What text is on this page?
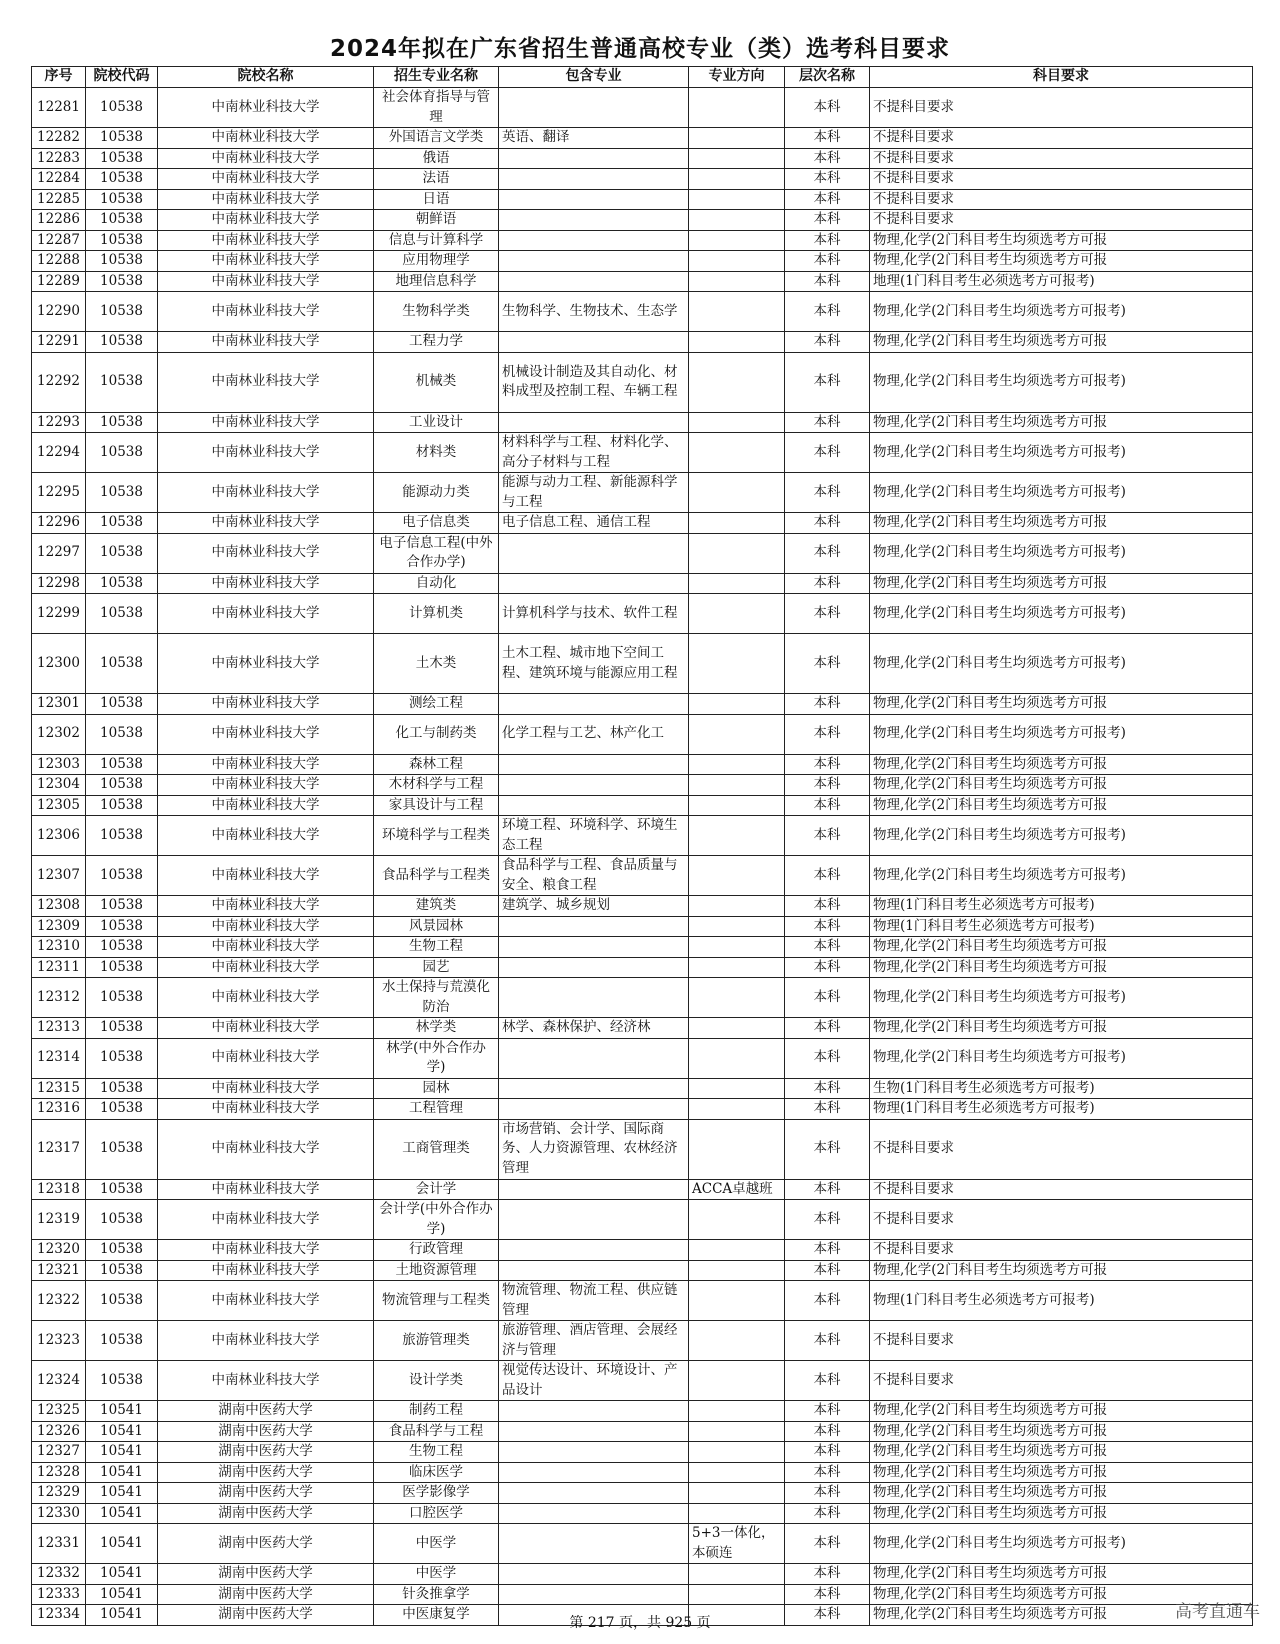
2024年拟在广东省招生普通高校专业（类）选考科目要求
序号	院校代码	院校名称	招生专业名称	包含专业	专业方向	层次名称	科目要求
12281	10538	中南林业科技大学	社会体育指导与管理			本科	不提科目要求
12282	10538	中南林业科技大学	外国语言文学类	英语、翻译		本科	不提科目要求
12283	10538	中南林业科技大学	俄语			本科	不提科目要求
12284	10538	中南林业科技大学	法语			本科	不提科目要求
12285	10538	中南林业科技大学	日语			本科	不提科目要求
12286	10538	中南林业科技大学	朝鲜语			本科	不提科目要求
12287	10538	中南林业科技大学	信息与计算科学			本科	物理,化学(2门科目考生均须选考方可报
12288	10538	中南林业科技大学	应用物理学			本科	物理,化学(2门科目考生均须选考方可报
12289	10538	中南林业科技大学	地理信息科学			本科	地理(1门科目考生必须选考方可报考)
12290	10538	中南林业科技大学	生物科学类	生物科学、生物技术、生态学		本科	物理,化学(2门科目考生均须选考方可报考)
12291	10538	中南林业科技大学	工程力学			本科	物理,化学(2门科目考生均须选考方可报
12292	10538	中南林业科技大学	机械类	机械设计制造及其自动化、材料成型及控制工程、车辆工程		本科	物理,化学(2门科目考生均须选考方可报考)
12293	10538	中南林业科技大学	工业设计			本科	物理,化学(2门科目考生均须选考方可报
12294	10538	中南林业科技大学	材料类	材料科学与工程、材料化学、高分子材料与工程		本科	物理,化学(2门科目考生均须选考方可报考)
12295	10538	中南林业科技大学	能源动力类	能源与动力工程、新能源科学与工程		本科	物理,化学(2门科目考生均须选考方可报考)
12296	10538	中南林业科技大学	电子信息类	电子信息工程、通信工程		本科	物理,化学(2门科目考生均须选考方可报
12297	10538	中南林业科技大学	电子信息工程(中外合作办学)			本科	物理,化学(2门科目考生均须选考方可报考)
12298	10538	中南林业科技大学	自动化			本科	物理,化学(2门科目考生均须选考方可报
12299	10538	中南林业科技大学	计算机类	计算机科学与技术、软件工程		本科	物理,化学(2门科目考生均须选考方可报考)
12300	10538	中南林业科技大学	土木类	土木工程、城市地下空间工程、建筑环境与能源应用工程		本科	物理,化学(2门科目考生均须选考方可报考)
12301	10538	中南林业科技大学	测绘工程			本科	物理,化学(2门科目考生均须选考方可报
12302	10538	中南林业科技大学	化工与制药类	化学工程与工艺、林产化工		本科	物理,化学(2门科目考生均须选考方可报考)
12303	10538	中南林业科技大学	森林工程			本科	物理,化学(2门科目考生均须选考方可报
12304	10538	中南林业科技大学	木材科学与工程			本科	物理,化学(2门科目考生均须选考方可报
12305	10538	中南林业科技大学	家具设计与工程			本科	物理,化学(2门科目考生均须选考方可报
12306	10538	中南林业科技大学	环境科学与工程类	环境工程、环境科学、环境生态工程		本科	物理,化学(2门科目考生均须选考方可报考)
12307	10538	中南林业科技大学	食品科学与工程类	食品科学与工程、食品质量与安全、粮食工程		本科	物理,化学(2门科目考生均须选考方可报考)
12308	10538	中南林业科技大学	建筑类	建筑学、城乡规划		本科	物理(1门科目考生必须选考方可报考)
12309	10538	中南林业科技大学	风景园林			本科	物理(1门科目考生必须选考方可报考)
12310	10538	中南林业科技大学	生物工程			本科	物理,化学(2门科目考生均须选考方可报
12311	10538	中南林业科技大学	园艺			本科	物理,化学(2门科目考生均须选考方可报
12312	10538	中南林业科技大学	水土保持与荒漠化防治			本科	物理,化学(2门科目考生均须选考方可报考)
12313	10538	中南林业科技大学	林学类	林学、森林保护、经济林		本科	物理,化学(2门科目考生均须选考方可报
12314	10538	中南林业科技大学	林学(中外合作办学)			本科	物理,化学(2门科目考生均须选考方可报考)
12315	10538	中南林业科技大学	园林			本科	生物(1门科目考生必须选考方可报考)
12316	10538	中南林业科技大学	工程管理			本科	物理(1门科目考生必须选考方可报考)
12317	10538	中南林业科技大学	工商管理类	市场营销、会计学、国际商务、人力资源管理、农林经济管理		本科	不提科目要求
12318	10538	中南林业科技大学	会计学		ACCA卓越班	本科	不提科目要求
12319	10538	中南林业科技大学	会计学(中外合作办学)			本科	不提科目要求
12320	10538	中南林业科技大学	行政管理			本科	不提科目要求
12321	10538	中南林业科技大学	土地资源管理			本科	物理,化学(2门科目考生均须选考方可报
12322	10538	中南林业科技大学	物流管理与工程类	物流管理、物流工程、供应链管理		本科	物理(1门科目考生必须选考方可报考)
12323	10538	中南林业科技大学	旅游管理类	旅游管理、酒店管理、会展经济与管理		本科	不提科目要求
12324	10538	中南林业科技大学	设计学类	视觉传达设计、环境设计、产品设计		本科	不提科目要求
12325	10541	湖南中医药大学	制药工程			本科	物理,化学(2门科目考生均须选考方可报
12326	10541	湖南中医药大学	食品科学与工程			本科	物理,化学(2门科目考生均须选考方可报
12327	10541	湖南中医药大学	生物工程			本科	物理,化学(2门科目考生均须选考方可报
12328	10541	湖南中医药大学	临床医学			本科	物理,化学(2门科目考生均须选考方可报
12329	10541	湖南中医药大学	医学影像学			本科	物理,化学(2门科目考生均须选考方可报
12330	10541	湖南中医药大学	口腔医学			本科	物理,化学(2门科目考生均须选考方可报
12331	10541	湖南中医药大学	中医学		5+3一体化，本硕连	本科	物理,化学(2门科目考生均须选考方可报考)
12332	10541	湖南中医药大学	中医学			本科	物理,化学(2门科目考生均须选考方可报
12333	10541	湖南中医药大学	针灸推拿学			本科	物理,化学(2门科目考生均须选考方可报
12334	10541	湖南中医药大学	中医康复学			本科	物理,化学(2门科目考生均须选考方可报
第 217 页，共 925 页
高考直通车
